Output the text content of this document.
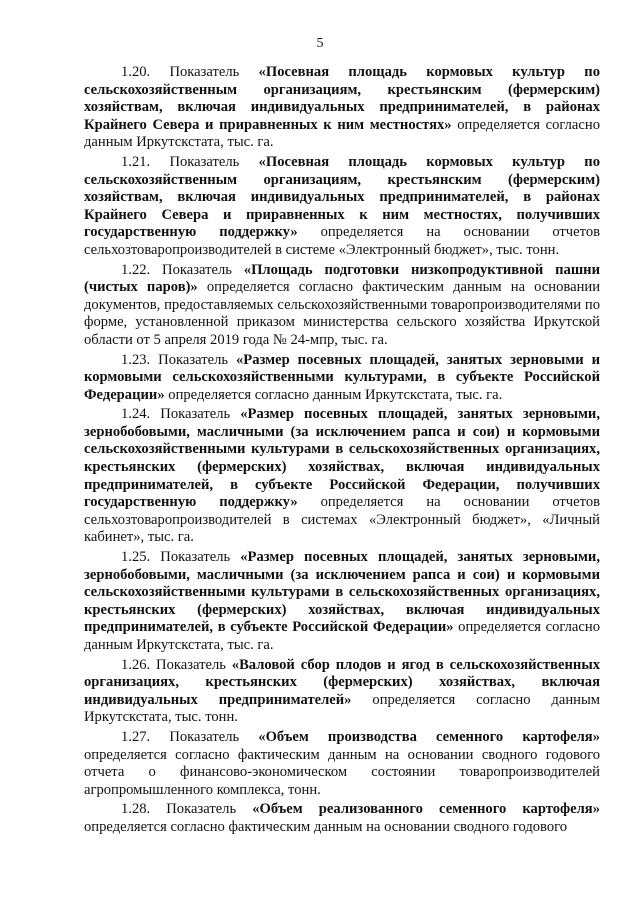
5

1.20. Показатель «Посевная площадь кормовых культур по сельскохозяйственным организациям, крестьянским (фермерским) хозяйствам, включая индивидуальных предпринимателей, в районах Крайнего Севера и приравненных к ним местностях» определяется согласно данным Иркутскстата, тыс. га.

1.21. Показатель «Посевная площадь кормовых культур по сельскохозяйственным организациям, крестьянским (фермерским) хозяйствам, включая индивидуальных предпринимателей, в районах Крайнего Севера и приравненных к ним местностях, получивших государственную поддержку» определяется на основании отчетов сельхозтоваропроизводителей в системе «Электронный бюджет», тыс. тонн.

1.22. Показатель «Площадь подготовки низкопродуктивной пашни (чистых паров)» определяется согласно фактическим данным на основании документов, предоставляемых сельскохозяйственными товаропроизводителями по форме, установленной приказом министерства сельского хозяйства Иркутской области от 5 апреля 2019 года № 24-мпр, тыс. га.

1.23. Показатель «Размер посевных площадей, занятых зерновыми и кормовыми сельскохозяйственными культурами, в субъекте Российской Федерации» определяется согласно данным Иркутскстата, тыс. га.

1.24. Показатель «Размер посевных площадей, занятых зерновыми, зернобобовыми, масличными (за исключением рапса и сои) и кормовыми сельскохозяйственными культурами в сельскохозяйственных организациях, крестьянских (фермерских) хозяйствах, включая индивидуальных предпринимателей, в субъекте Российской Федерации, получивших государственную поддержку» определяется на основании отчетов сельхозтоваропроизводителей в системах «Электронный бюджет», «Личный кабинет», тыс. га.

1.25. Показатель «Размер посевных площадей, занятых зерновыми, зернобобовыми, масличными (за исключением рапса и сои) и кормовыми сельскохозяйственными культурами в сельскохозяйственных организациях, крестьянских (фермерских) хозяйствах, включая индивидуальных предпринимателей, в субъекте Российской Федерации» определяется согласно данным Иркутскстата, тыс. га.

1.26. Показатель «Валовой сбор плодов и ягод в сельскохозяйственных организациях, крестьянских (фермерских) хозяйствах, включая индивидуальных предпринимателей» определяется согласно данным Иркутскстата, тыс. тонн.

1.27. Показатель «Объем производства семенного картофеля» определяется согласно фактическим данным на основании сводного годового отчета о финансово-экономическом состоянии товаропроизводителей агропромышленного комплекса, тонн.

1.28. Показатель «Объем реализованного семенного картофеля» определяется согласно фактическим данным на основании сводного годового
